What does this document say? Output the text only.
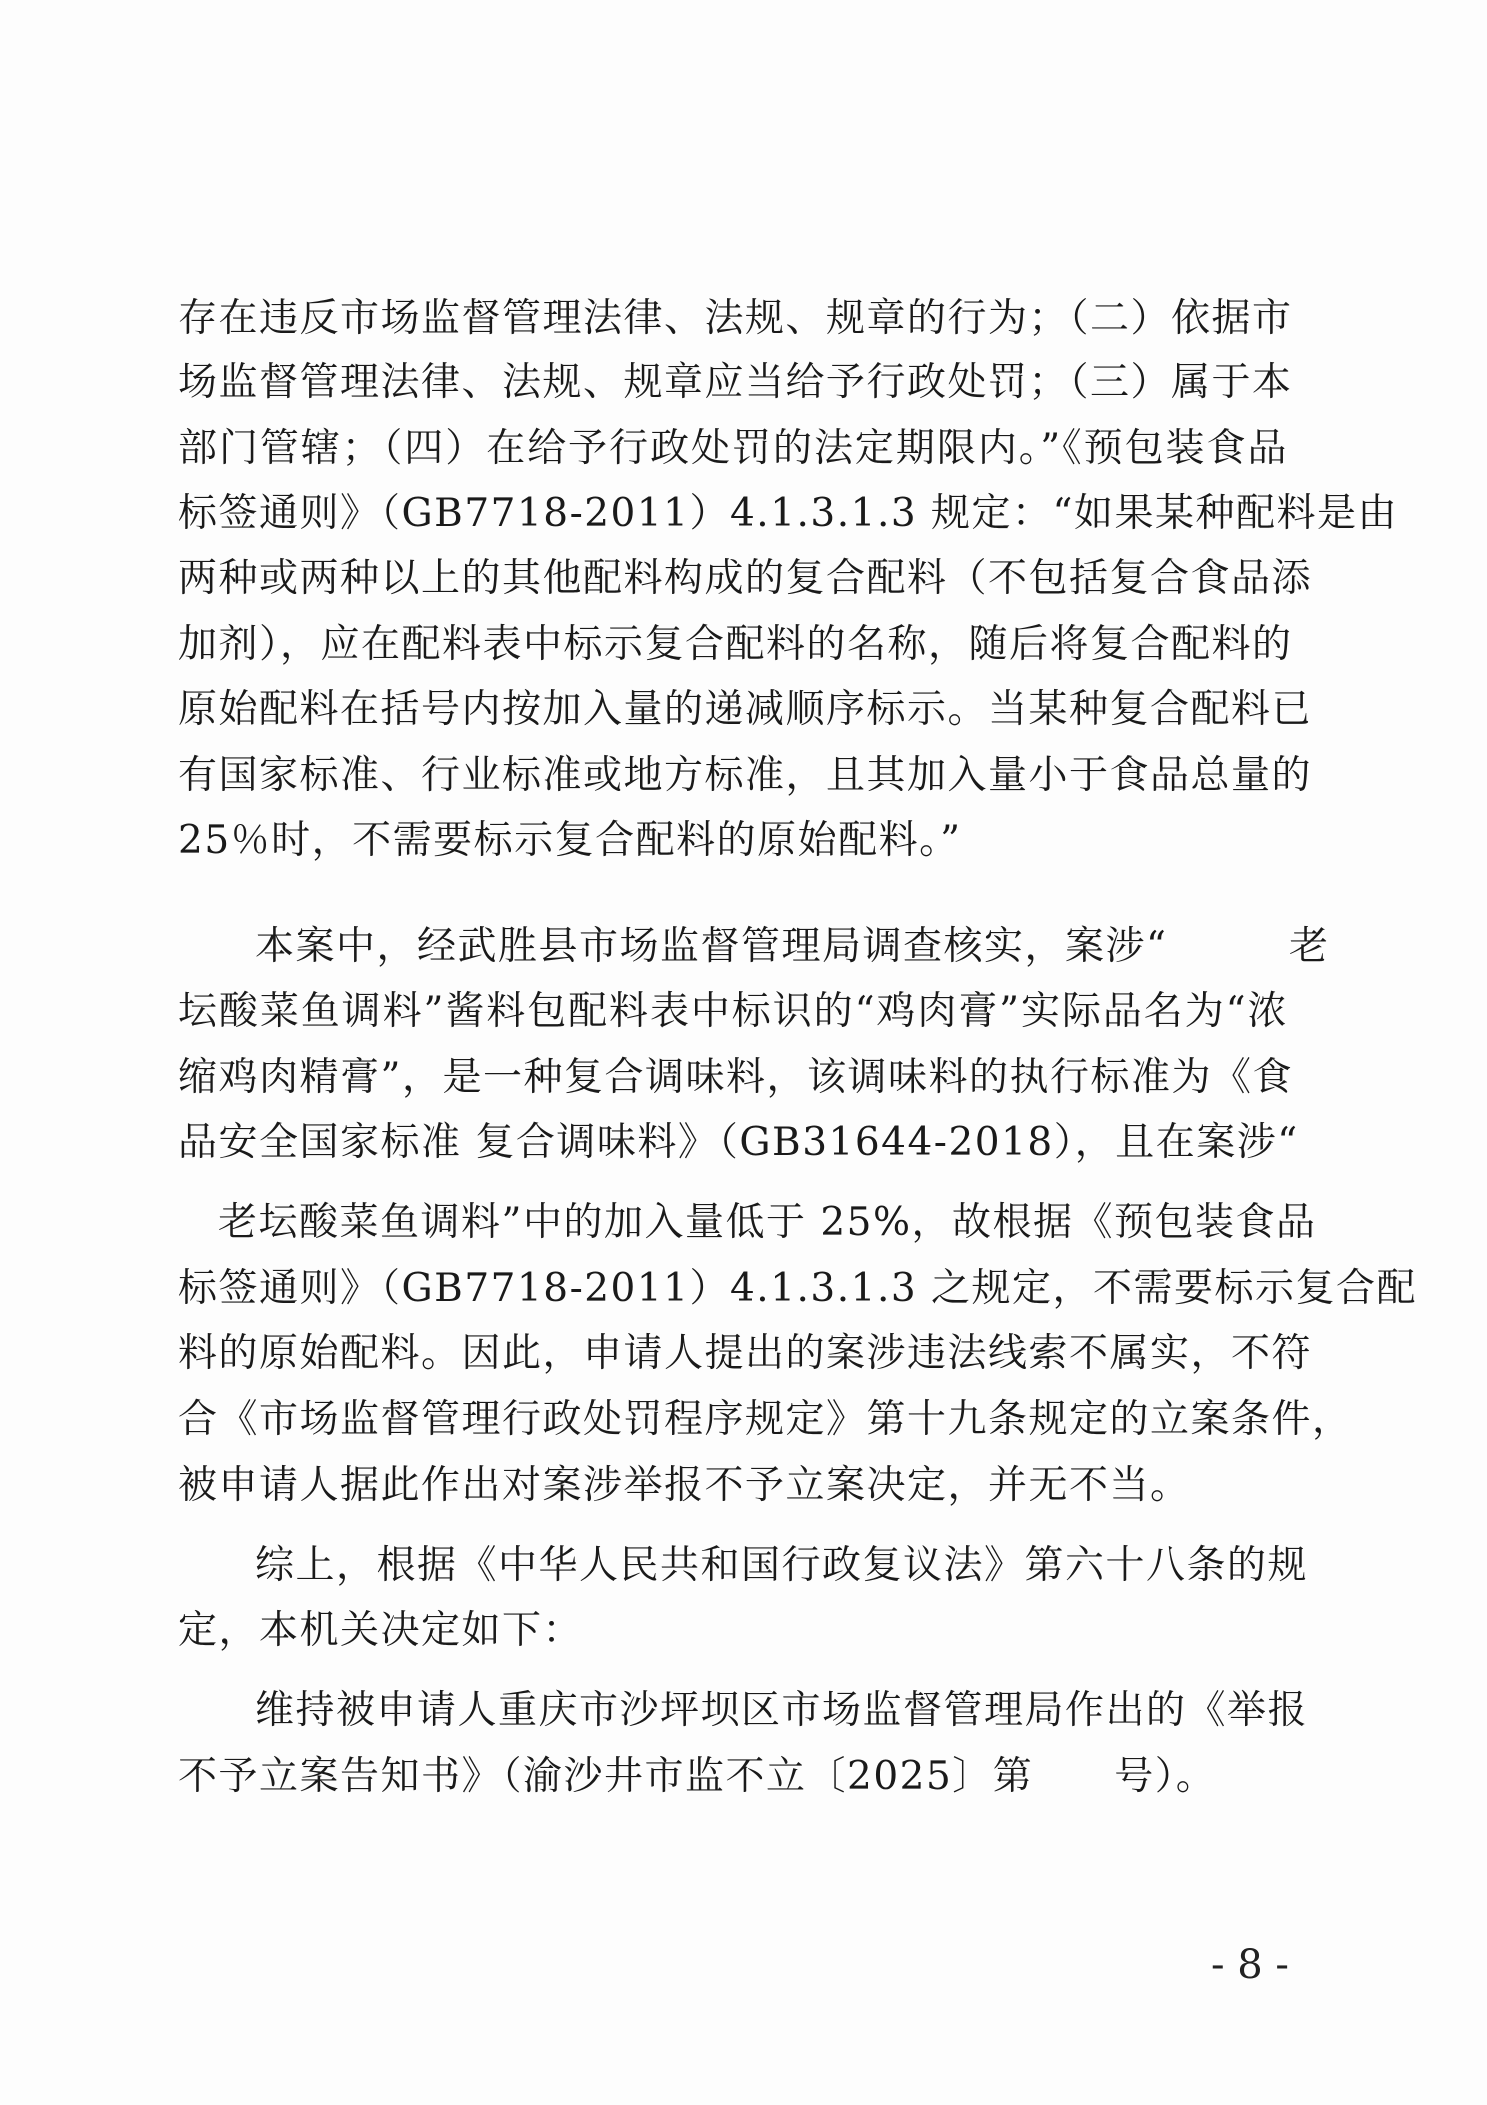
存在违反市场监督管理法律、法规、规章的行为；（二）依据市
场监督管理法律、法规、规章应当给予行政处罚；（三）属于本
部门管辖；（四）在给予行政处罚的法定期限内。”《预包装食品
标签通则》（GB7718-2011）4.1.3.1.3 规定：“如果某种配料是由
两种或两种以上的其他配料构成的复合配料（不包括复合食品添
加剂），应在配料表中标示复合配料的名称，随后将复合配料的
原始配料在括号内按加入量的递减顺序标示。当某种复合配料已
有国家标准、行业标准或地方标准，且其加入量小于食品总量的
25％时，不需要标示复合配料的原始配料。”
本案中，经武胜县市场监督管理局调查核实，案涉“　　　老
坛酸菜鱼调料”酱料包配料表中标识的“鸡肉膏”实际品名为“浓
缩鸡肉精膏”，是一种复合调味料，该调味料的执行标准为《食
品安全国家标准 复合调味料》（GB31644-2018），且在案涉“
老坛酸菜鱼调料”中的加入量低于 25%，故根据《预包装食品
标签通则》（GB7718-2011）4.1.3.1.3 之规定，不需要标示复合配
料的原始配料。因此，申请人提出的案涉违法线索不属实，不符
合《市场监督管理行政处罚程序规定》第十九条规定的立案条件，
被申请人据此作出对案涉举报不予立案决定，并无不当。
综上，根据《中华人民共和国行政复议法》第六十八条的规
定，本机关决定如下：
维持被申请人重庆市沙坪坝区市场监督管理局作出的《举报
不予立案告知书》（渝沙井市监不立〔2025〕第　　号）。
- 8 -
